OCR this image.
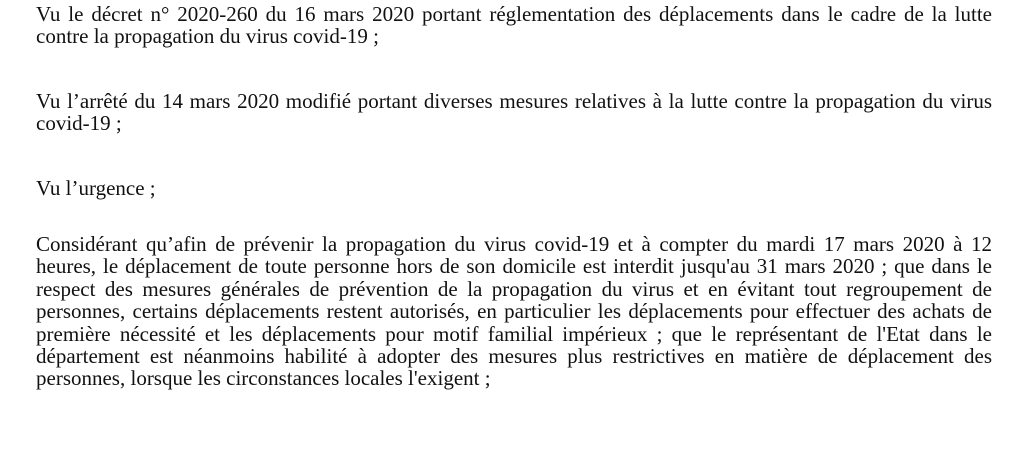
Vu le décret n° 2020-260 du 16 mars 2020 portant réglementation des déplacements dans le cadre de la lutte contre la propagation du virus covid-19 ;

Vu l’arrêté du 14 mars 2020 modifié portant diverses mesures relatives à la lutte contre la propagation du virus covid-19 ;

Vu l’urgence ;

Considérant qu’afin de prévenir la propagation du virus covid-19 et à compter du mardi 17 mars 2020 à 12 heures, le déplacement de toute personne hors de son domicile est interdit jusqu'au 31 mars 2020 ; que dans le respect des mesures générales de prévention de la propagation du virus et en évitant tout regroupement de personnes, certains déplacements restent autorisés, en particulier les déplacements pour effectuer des achats de première nécessité et les déplacements pour motif familial impérieux ; que le représentant de l'Etat dans le département est néanmoins habilité à adopter des mesures plus restrictives en matière de déplacement des personnes, lorsque les circonstances locales l'exigent ;
